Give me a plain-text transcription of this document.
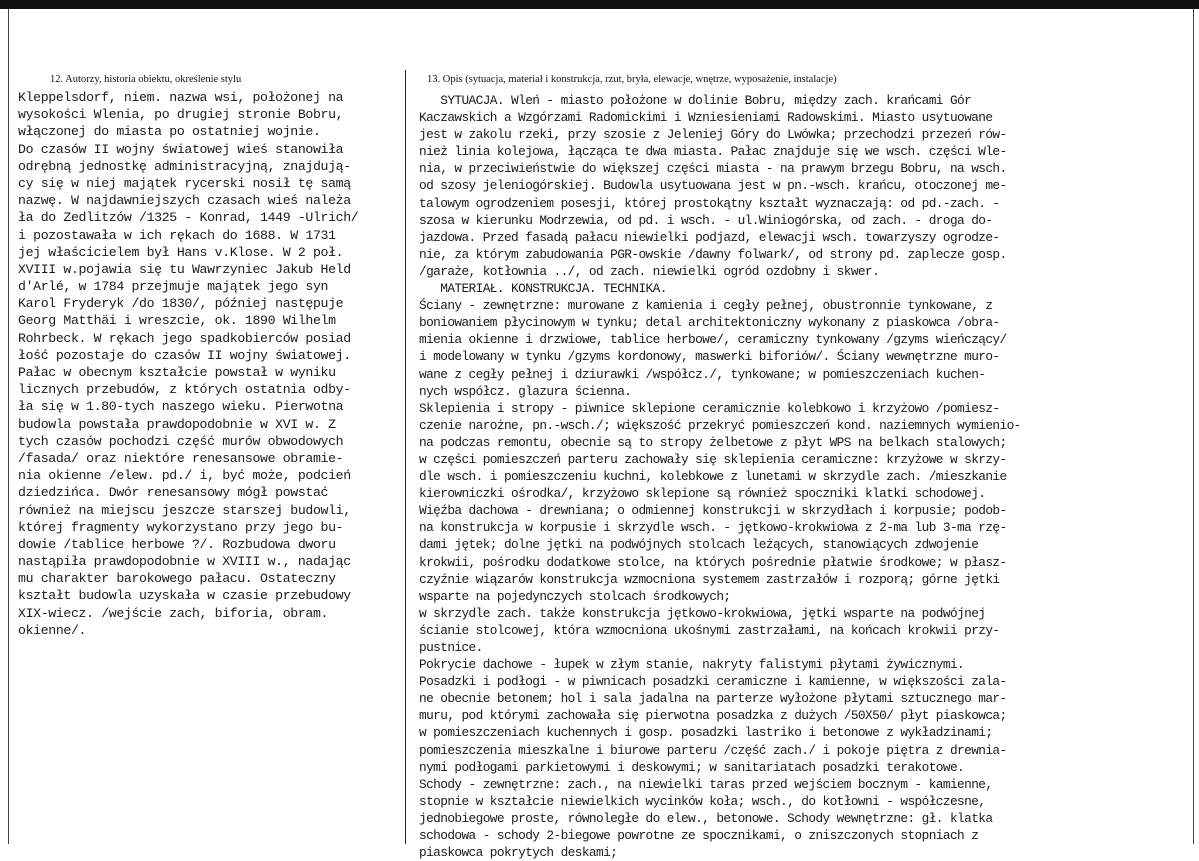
12. Autorzy, historia obiektu, określenie stylu	13. Opis (sytuacja, materiał i konstrukcja, rzut, bryła, elewacje, wnętrze, wyposażenie, instalacje)
Kleppelsdorf, niem. nazwa wsi, położonej na
wysokości Wlenia, po drugiej stronie Bobru,
włączonej do miasta po ostatniej wojnie.
Do czasów II wojny światowej wieś stanowiła
odrębną jednostkę administracyjną, znajdują-
cy się w niej majątek rycerski nosił tę samą
nazwę. W najdawniejszych czasach wieś należa
ła do Zedlitzów /1325 - Konrad, 1449 -Ulrich/
i pozostawała w ich rękach do 1688. W 1731
jej właścicielem był Hans v.Klose. W 2 poł.
XVIII w.pojawia się tu Wawrzyniec Jakub Held
d'Arlé, w 1784 przejmuje majątek jego syn
Karol Fryderyk /do 1830/, później następuje
Georg Matthäi i wreszcie, ok. 1890 Wilhelm
Rohrbeck. W rękach jego spadkobierców posiad
łość pozostaje do czasów II wojny światowej.
Pałac w obecnym kształcie powstał w wyniku
licznych przebudów, z których ostatnia odby-
ła się w 1.80-tych naszego wieku. Pierwotna
budowla powstała prawdopodobnie w XVI w. Z
tych czasów pochodzi część murów obwodowych
/fasada/ oraz niektóre renesansowe obramie-
nia okienne /elew. pd./ i, być może, podcień
dziedzińca. Dwór renesansowy mógł powstać
również na miejscu jeszcze starszej budowli,
której fragmenty wykorzystano przy jego bu-
dowie /tablice herbowe ?/. Rozbudowa dworu
nastąpiła prawdopodobnie w XVIII w., nadając
mu charakter barokowego pałacu. Ostateczny
kształt budowla uzyskała w czasie przebudowy
XIX-wiecz. /wejście zach, biforia, obram.
okienne/.
SYTUACJA. Wleń - miasto położone w dolinie Bobru, między zach. krańcami Gór
Kaczawskich a Wzgórzami Radomickimi i Wzniesieniami Radowskimi. Miasto usytuowane
jest w zakolu rzeki, przy szosie z Jeleniej Góry do Lwówka; przechodzi przezeń rów-
nież linia kolejowa, łącząca te dwa miasta. Pałac znajduje się we wsch. części Wle-
nia, w przeciwieństwie do większej części miasta - na prawym brzegu Bobru, na wsch.
od szosy jeleniogórskiej. Budowla usytuowana jest w pn.-wsch. krańcu, otoczonej me-
talowym ogrodzeniem posesji, której prostokątny kształt wyznaczają: od pd.-zach. -
szosa w kierunku Modrzewia, od pd. i wsch. - ul.Winiogórska, od zach. - droga do-
jazdowa. Przed fasadą pałacu niewielki podjazd, elewacji wsch. towarzyszy ogrodze-
nie, za którym zabudowania PGR-owskie /dawny folwark/, od strony pd. zaplecze gosp.
/garaże, kotłownia ../, od zach. niewielki ogród ozdobny i skwer.
MATERIAŁ. KONSTRUKCJA. TECHNIKA.
Ściany - zewnętrzne: murowane z kamienia i cegły pełnej, obustronnie tynkowane, z
boniowaniem płycinowym w tynku; detal architektoniczny wykonany z piaskowca /obra-
mienia okienne i drzwiowe, tablice herbowe/, ceramiczny tynkowany /gzyms wieńczący/
i modelowany w tynku /gzyms kordonowy, maswerki biforiów/. Ściany wewnętrzne muro-
wane z cegły pełnej i dziurawki /współcz./, tynkowane; w pomieszczeniach kuchen-
nych współcz. glazura ścienna.
Sklepienia i stropy - piwnice sklepione ceramicznie kolebkowo i krzyżowo /pomiesz-
czenie narożne, pn.-wsch./; większość przekryć pomieszczeń kond. naziemnych wymienio-
na podczas remontu, obecnie są to stropy żelbetowe z płyt WPS na belkach stalowych;
w części pomieszczeń parteru zachowały się sklepienia ceramiczne: krzyżowe w skrzy-
dle wsch. i pomieszczeniu kuchni, kolebkowe z lunetami w skrzydle zach. /mieszkanie
kierowniczki ośrodka/, krzyżowo sklepione są również spoczniki klatki schodowej.
Więźba dachowa - drewniana; o odmiennej konstrukcji w skrzydłach i korpusie; podob-
na konstrukcja w korpusie i skrzydle wsch. - jętkowo-krokwiowa z 2-ma lub 3-ma rzę-
dami jętek; dolne jętki na podwójnych stolcach leżących, stanowiących zdwojenie
krokwii, pośrodku dodatkowe stolce, na których pośrednie płatwie środkowe; w płasz-
czyźnie wiązarów konstrukcja wzmocniona systemem zastrzałów i rozporą; górne jętki
wsparte na pojedynczych stolcach środkowych;
w skrzydle zach. także konstrukcja jętkowo-krokwiowa, jętki wsparte na podwójnej
ścianie stolcowej, która wzmocniona ukośnymi zastrzałami, na końcach krokwii przy-
pustnice.
Pokrycie dachowe - łupek w złym stanie, nakryty falistymi płytami żywicznymi.
Posadzki i podłogi - w piwnicach posadzki ceramiczne i kamienne, w większości zala-
ne obecnie betonem; hol i sala jadalna na parterze wyłożone płytami sztucznego mar-
muru, pod którymi zachowała się pierwotna posadzka z dużych /50X50/ płyt piaskowca;
w pomieszczeniach kuchennych i gosp. posadzki lastriko i betonowe z wykładzinami;
pomieszczenia mieszkalne i biurowe parteru /część zach./ i pokoje piętra z drewnia-
nymi podłogami parkietowymi i deskowymi; w sanitariatach posadzki terakotowe.
Schody - zewnętrzne: zach., na niewielki taras przed wejściem bocznym - kamienne,
stopnie w kształcie niewielkich wycinków koła; wsch., do kotłowni - współczesne,
jednobiegowe proste, równoległe do elew., betonowe. Schody wewnętrzne: gł. klatka
schodowa - schody 2-biegowe powrotne ze spocznikami, o zniszczonych stopniach z
piaskowca pokrytych deskami;
